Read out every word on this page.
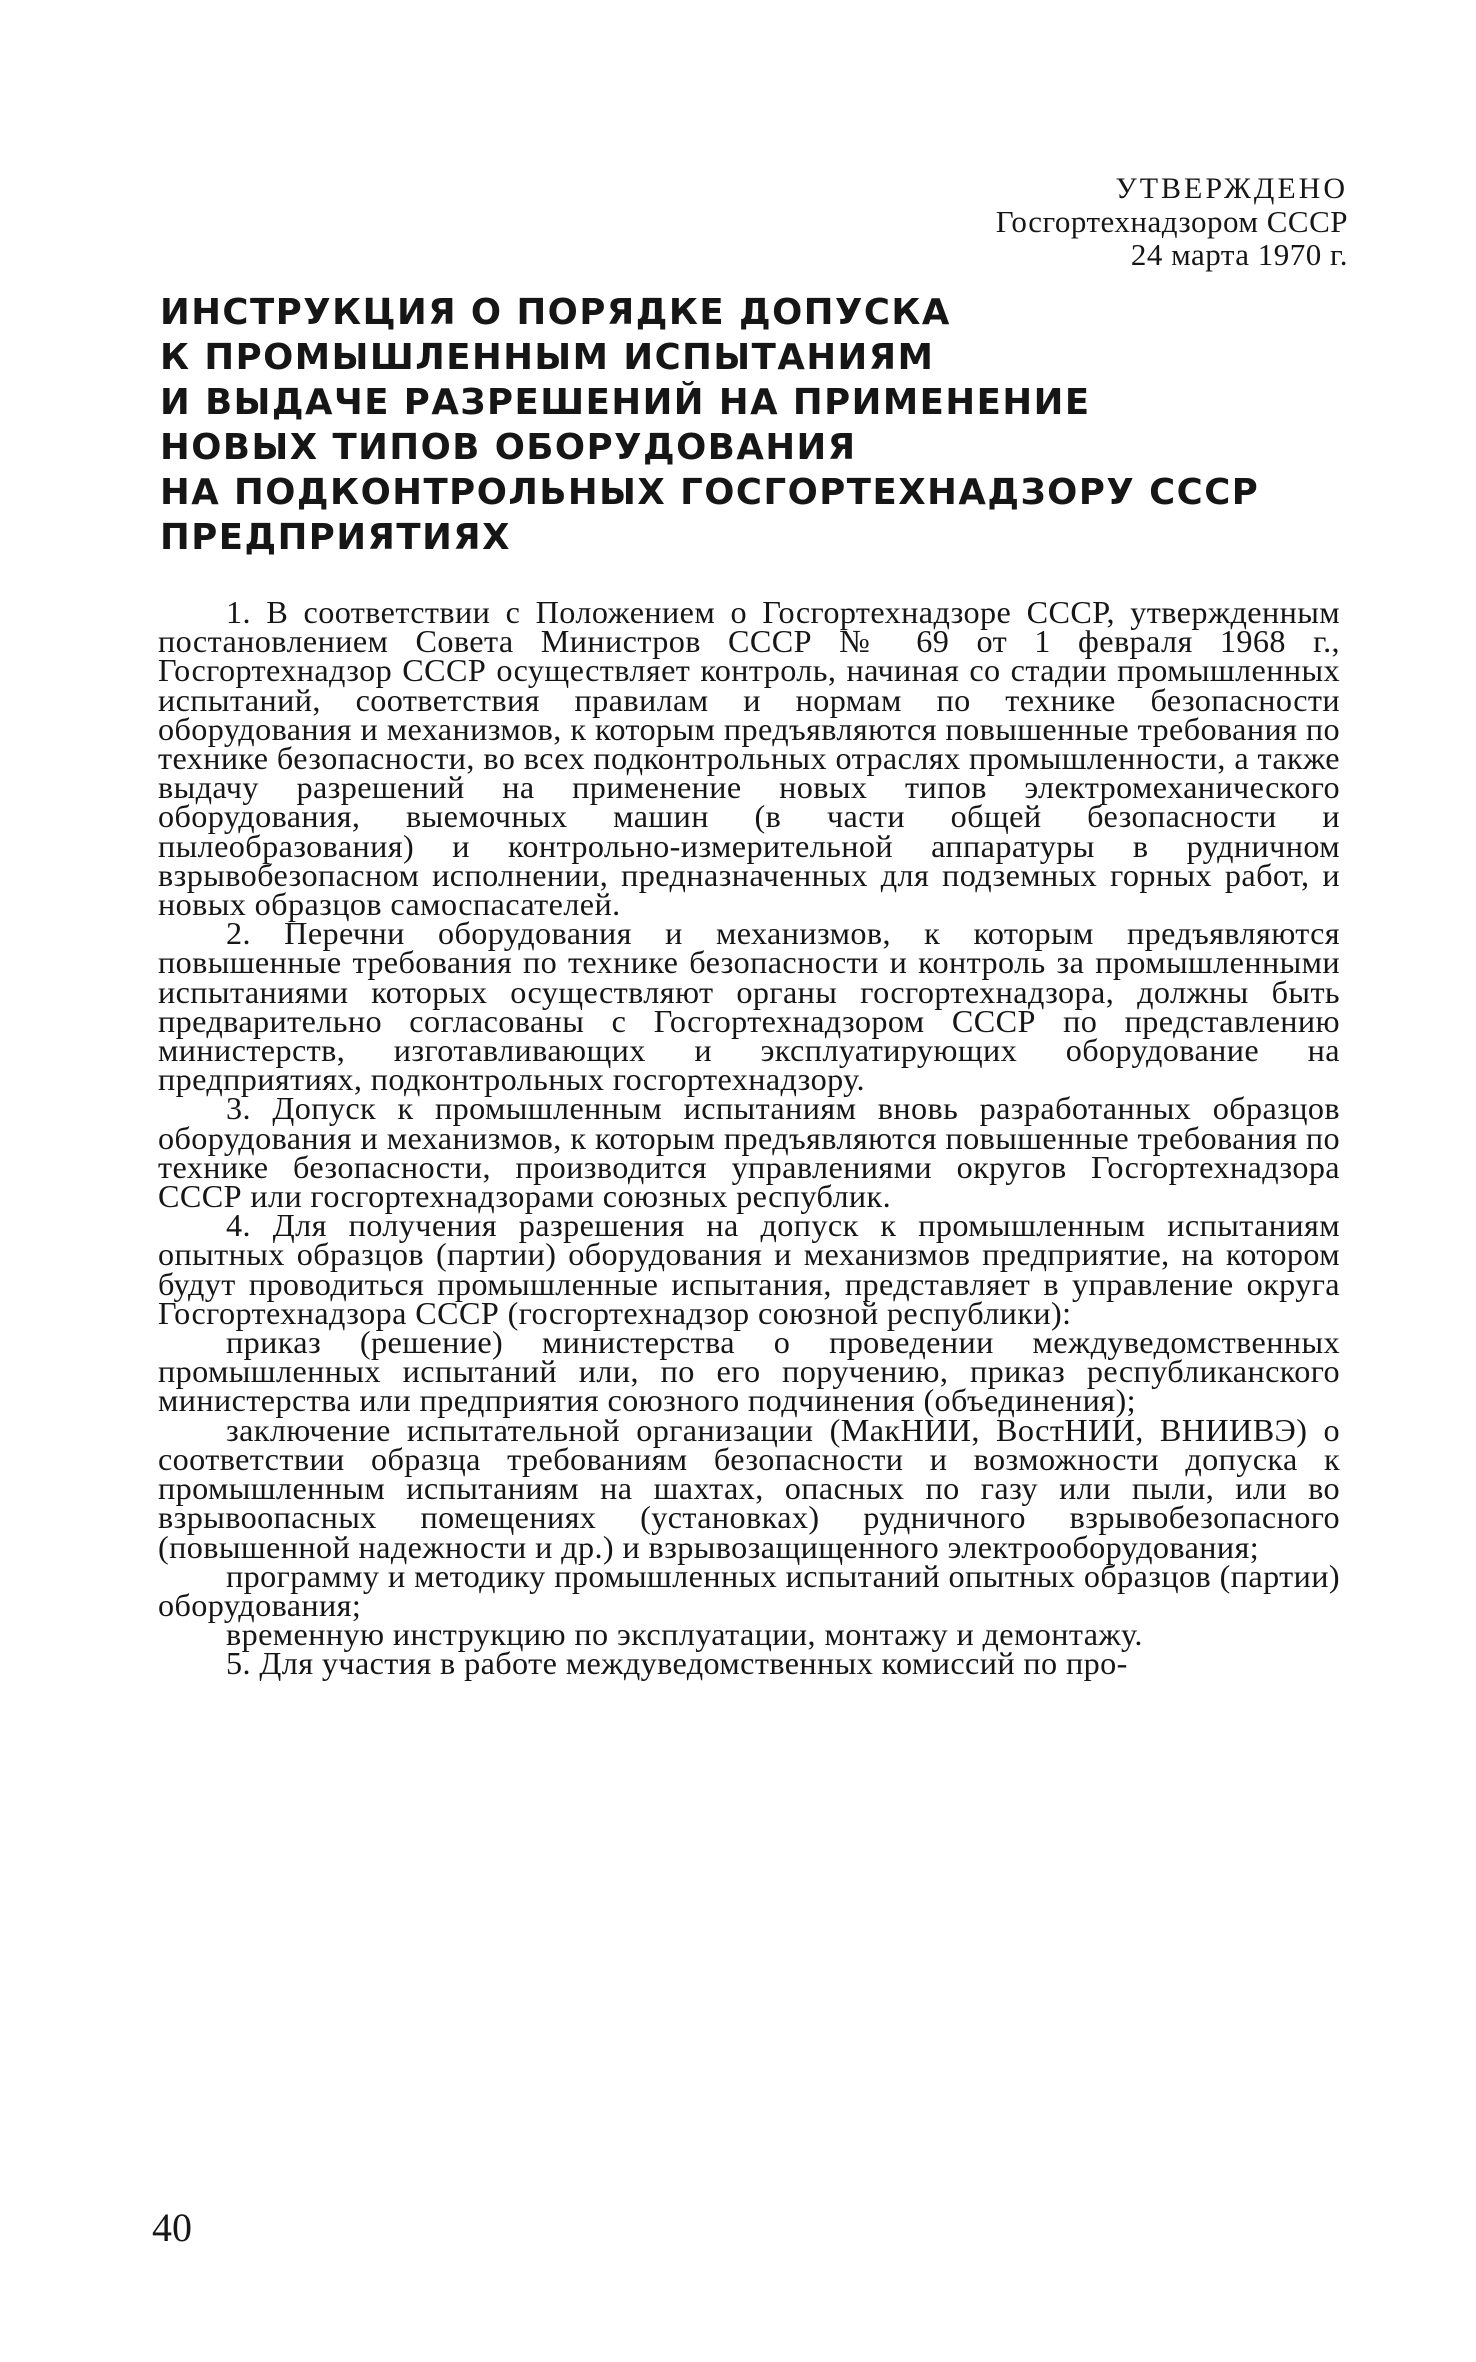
УТВЕРЖДЕНО
Госгортехнадзором СССР
24 марта 1970 г.
ИНСТРУКЦИЯ О ПОРЯДКЕ ДОПУСКА
К ПРОМЫШЛЕННЫМ ИСПЫТАНИЯМ
И ВЫДАЧЕ РАЗРЕШЕНИЙ НА ПРИМЕНЕНИЕ
НОВЫХ ТИПОВ ОБОРУДОВАНИЯ
НА ПОДКОНТРОЛЬНЫХ ГОСГОРТЕХНАДЗОРУ СССР
ПРЕДПРИЯТИЯХ

1. В соответствии с Положением о Госгортехнадзоре СССР, утвержденным постановлением Совета Министров СССР № 69 от 1 февраля 1968 г., Госгортехнадзор СССР осуществляет контроль, начиная со стадии промышленных испытаний, соответствия правилам и нормам по технике безопасности оборудования и механизмов, к которым предъявляются повышенные требования по технике безопасности, во всех подконтрольных отраслях промышленности, а также выдачу разрешений на применение новых типов электромеханического оборудования, выемочных машин (в части общей безопасности и пылеобразования) и контрольно-измерительной аппаратуры в рудничном взрывобезопасном исполнении, предназначенных для подземных горных работ, и новых образцов самоспасателей.

2. Перечни оборудования и механизмов, к которым предъявляются повышенные требования по технике безопасности и контроль за промышленными испытаниями которых осуществляют органы госгортехнадзора, должны быть предварительно согласованы с Госгортехнадзором СССР по представлению министерств, изготавливающих и эксплуатирующих оборудование на предприятиях, подконтрольных госгортехнадзору.

3. Допуск к промышленным испытаниям вновь разработанных образцов оборудования и механизмов, к которым предъявляются повышенные требования по технике безопасности, производится управлениями округов Госгортехнадзора СССР или госгортехнадзорами союзных республик.

4. Для получения разрешения на допуск к промышленным испытаниям опытных образцов (партии) оборудования и механизмов предприятие, на котором будут проводиться промышленные испытания, представляет в управление округа Госгортехнадзора СССР (госгортехнадзор союзной республики):

приказ (решение) министерства о проведении междуведомственных промышленных испытаний или, по его поручению, приказ республиканского министерства или предприятия союзного подчинения (объединения);

заключение испытательной организации (МакНИИ, ВостНИИ, ВНИИВЭ) о соответствии образца требованиям безопасности и возможности допуска к промышленным испытаниям на шахтах, опасных по газу или пыли, или во взрывоопасных помещениях (установках) рудничного взрывобезопасного (повышенной надежности и др.) и взрывозащищенного электрооборудования;

программу и методику промышленных испытаний опытных образцов (партии) оборудования;

временную инструкцию по эксплуатации, монтажу и демонтажу.

5. Для участия в работе междуведомственных комиссий по про-

40
